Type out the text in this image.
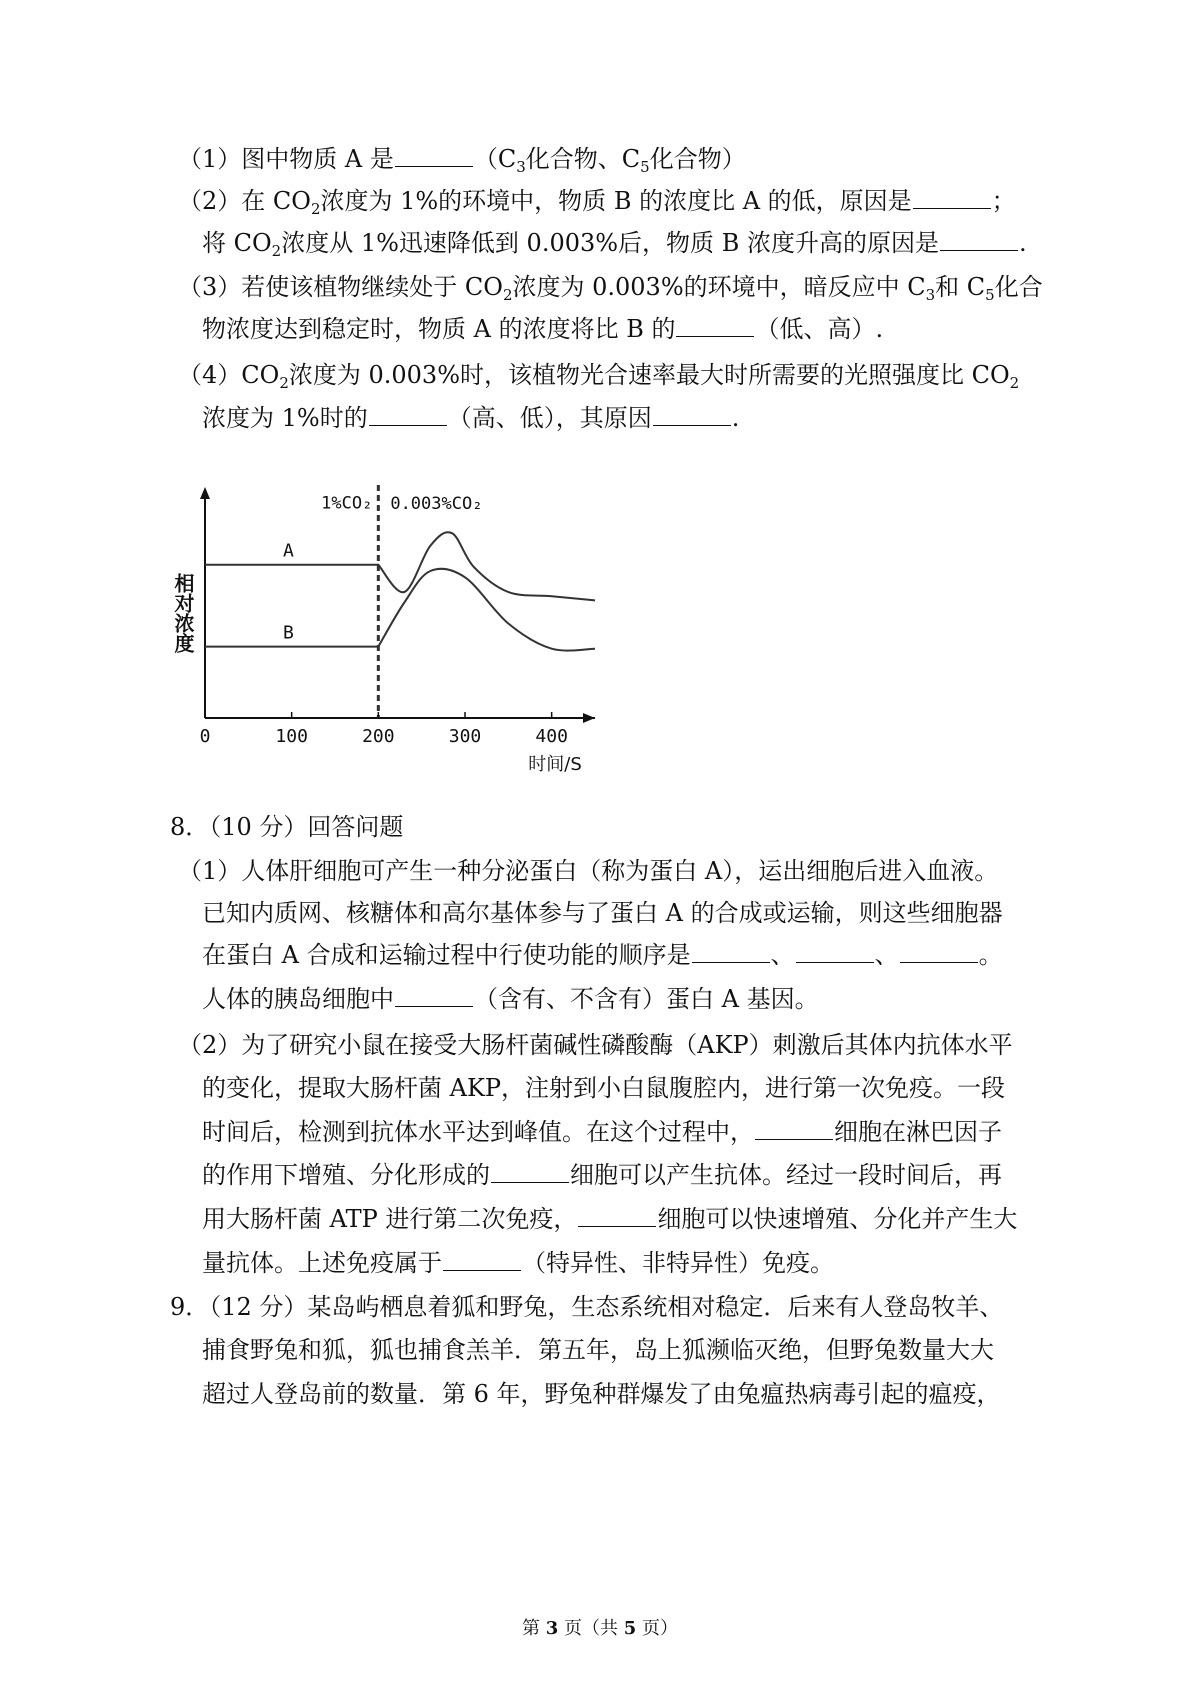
（1）图中物质 A 是	（$C_3$化合物、$C_5$化合物）
（2）在 $CO_2$浓度为 1%的环境中，物质 B 的浓度比 A 的低，原因是	；
将 $CO_2$浓度从 1%迅速降低到 0.003%后，物质 B 浓度升高的原因是	.
（3）若使该植物继续处于 $CO_2$浓度为 0.003%的环境中，暗反应中 $C_3$和 $C_5$化合
物浓度达到稳定时，物质 A 的浓度将比 B 的	（低、高）.
$(4)CO_2$浓度为 0.003%时，该植物光合速率最大时所需要的光照强度比 $CO_2$
浓度为 1%时的	（高、低），其原因	.
0	100	200	300	400
A
B
1%CO₂ 0.003%CO₂
相对浓度
时间/S
8．（10 分）回答问题
（1）人体肝细胞可产生一种分泌蛋白（称为蛋白 A），运出细胞后进入血液。
已知内质网、核糖体和高尔基体参与了蛋白 A 的合成或运输，则这些细胞器
在蛋白 A 合成和运输过程中行使功能的顺序是	、	、	。
人体的胰岛细胞中	（含有、不含有）蛋白 A 基因。
（2）为了研究小鼠在接受大肠杆菌碱性磷酸酶（AKP）刺激后其体内抗体水平
的变化，提取大肠杆菌 AKP，注射到小白鼠腹腔内，进行第一次免疫。一段
时间后，检测到抗体水平达到峰值。在这个过程中，	细胞在淋巴因子
的作用下增殖、分化形成的	细胞可以产生抗体。经过一段时间后，再
用大肠杆菌 ATP 进行第二次免疫，	细胞可以快速增殖、分化并产生大
量抗体。上述免疫属于	（特异性、非特异性）免疫。
9．（12 分）某岛屿栖息着狐和野兔，生态系统相对稳定．后来有人登岛牧羊、
捕食野兔和狐，狐也捕食羔羊．第五年，岛上狐濒临灭绝，但野兔数量大大
超过人登岛前的数量．第 6 年，野兔种群爆发了由兔瘟热病毒引起的瘟疫，
第 3 页（共 5 页）
